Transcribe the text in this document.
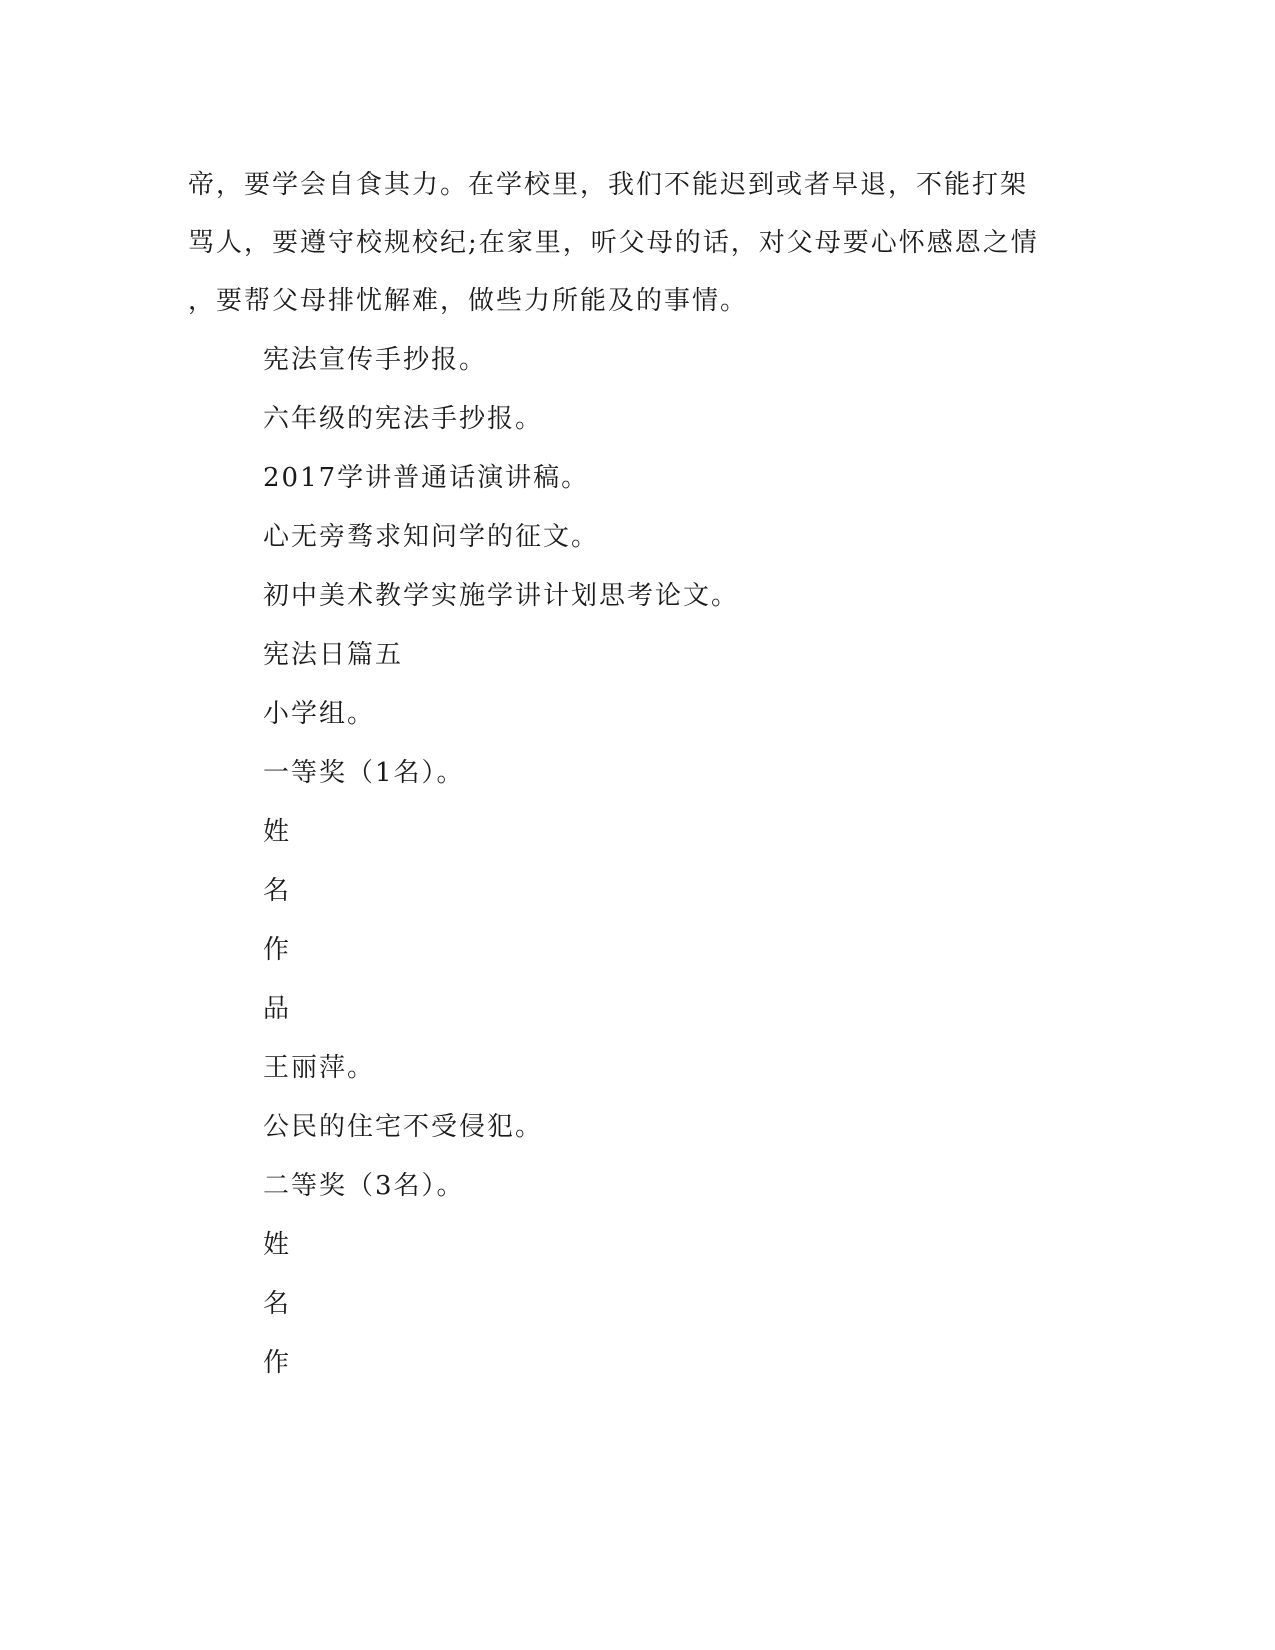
帝，要学会自食其力。在学校里，我们不能迟到或者早退，不能打架
骂人，要遵守校规校纪;在家里，听父母的话，对父母要心怀感恩之情
，要帮父母排忧解难，做些力所能及的事情。
宪法宣传手抄报。
六年级的宪法手抄报。
2017学讲普通话演讲稿。
心无旁骛求知问学的征文。
初中美术教学实施学讲计划思考论文。
宪法日篇五
小学组。
一等奖（1名）。
姓
名
作
品
王丽萍。
公民的住宅不受侵犯。
二等奖（3名）。
姓
名
作
